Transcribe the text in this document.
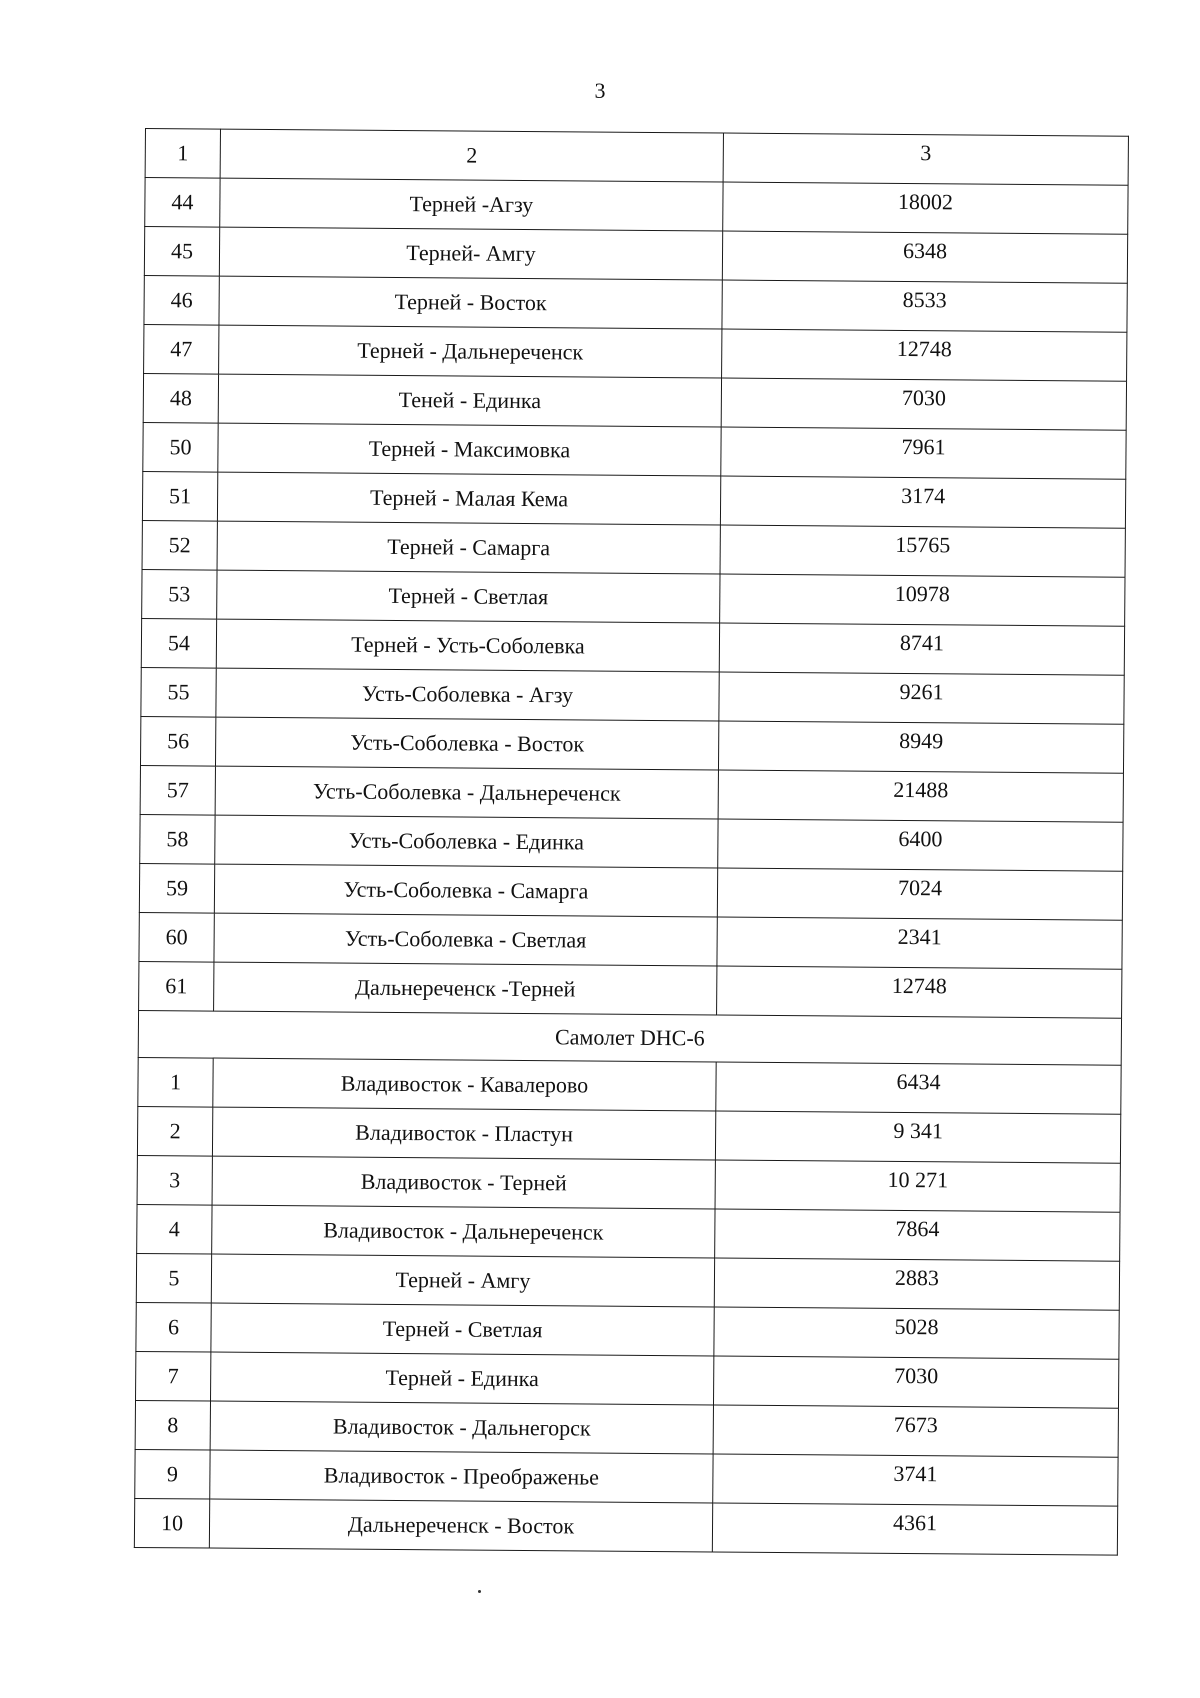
3
1	2	3
44	Терней -Агзу	18002
45	Терней- Амгу	6348
46	Терней - Восток	8533
47	Терней - Дальнереченск	12748
48	Теней - Единка	7030
50	Терней - Максимовка	7961
51	Терней - Малая Кема	3174
52	Терней - Самарга	15765
53	Терней - Светлая	10978
54	Терней - Усть-Соболевка	8741
55	Усть-Соболевка - Агзу	9261
56	Усть-Соболевка - Восток	8949
57	Усть-Соболевка - Дальнереченск	21488
58	Усть-Соболевка - Единка	6400
59	Усть-Соболевка - Самарга	7024
60	Усть-Соболевка - Светлая	2341
61	Дальнереченск -Терней	12748
Самолет DHC-6		
1	Владивосток - Кавалерово	6434
2	Владивосток - Пластун	9 341
3	Владивосток - Терней	10 271
4	Владивосток - Дальнереченск	7864
5	Терней - Амгу	2883
6	Терней - Светлая	5028
7	Терней - Единка	7030
8	Владивосток - Дальнегорск	7673
9	Владивосток - Преображенье	3741
10	Дальнереченск - Восток	4361
